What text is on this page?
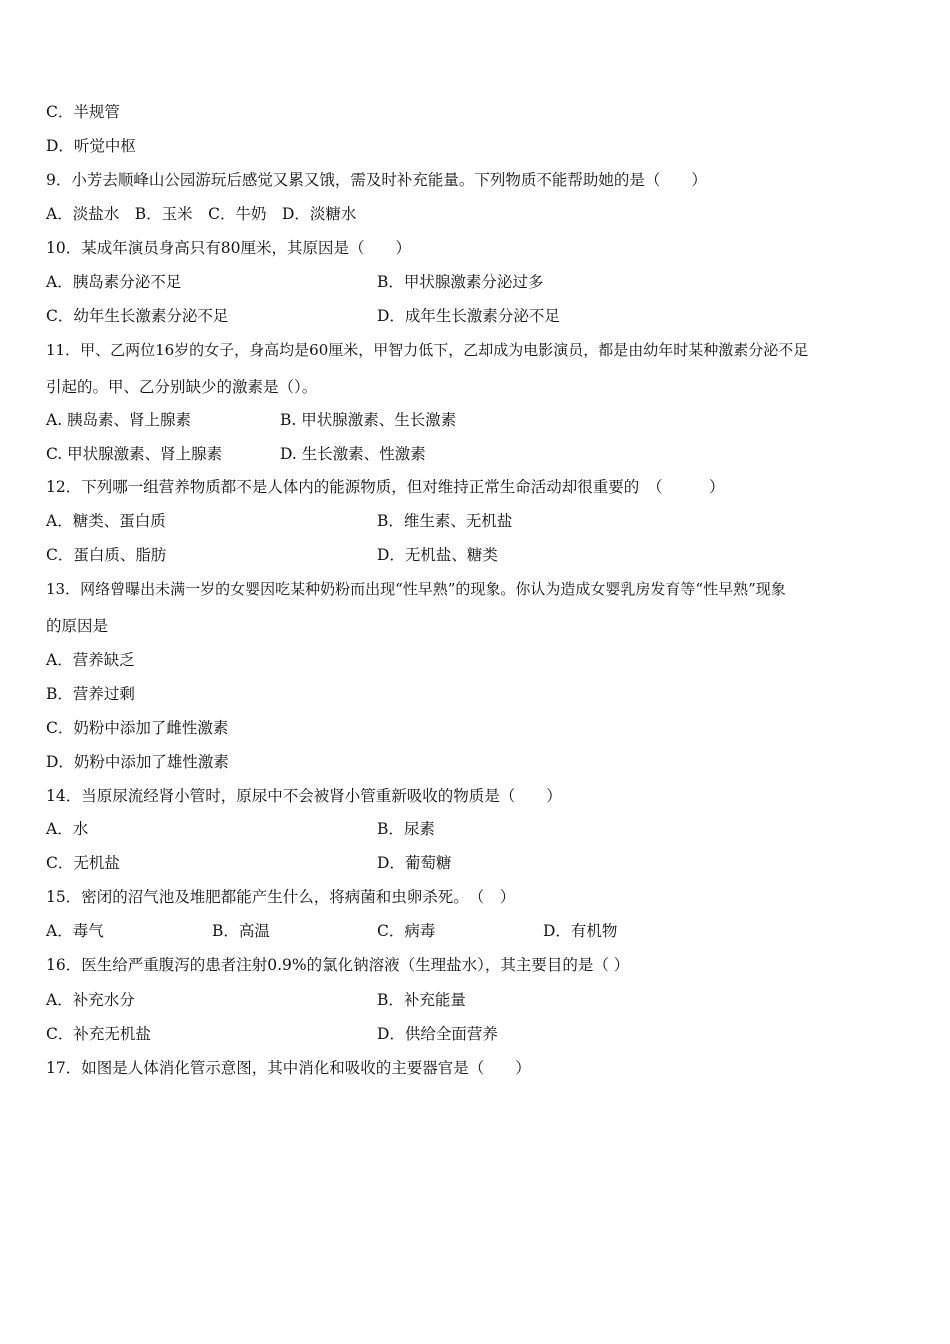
C．半规管
D．听觉中枢
9．小芳去顺峰山公园游玩后感觉又累又饿，需及时补充能量。下列物质不能帮助她的是（　　）
A．淡盐水　B．玉米　C．牛奶　D．淡糖水
10．某成年演员身高只有80厘米，其原因是（　　）
A．胰岛素分泌不足	B．甲状腺激素分泌过多
C．幼年生长激素分泌不足	D．成年生长激素分泌不足
11．甲、乙两位16岁的女子，身高均是60厘米，甲智力低下，乙却成为电影演员，都是由幼年时某种激素分泌不足
引起的。甲、乙分别缺少的激素是（）。
A. 胰岛素、肾上腺素	B. 甲状腺激素、生长激素
C. 甲状腺激素、肾上腺素	D. 生长激素、性激素
12．下列哪一组营养物质都不是人体内的能源物质，但对维持正常生命活动却很重要的　（　　　）
A．糖类、蛋白质	B．维生素、无机盐
C．蛋白质、脂肪	D．无机盐、糖类
13．网络曾曝出未满一岁的女婴因吃某种奶粉而出现“性早熟”的现象。你认为造成女婴乳房发育等“性早熟”现象
的原因是
A．营养缺乏
B．营养过剩
C．奶粉中添加了雌性激素
D．奶粉中添加了雄性激素
14．当原尿流经肾小管时，原尿中不会被肾小管重新吸收的物质是（　　）
A．水	B．尿素
C．无机盐	D．葡萄糖
15．密闭的沼气池及堆肥都能产生什么，将病菌和虫卵杀死。　（　）
A．毒气	B．高温	C．病毒	D．有机物
16．医生给严重腹泻的患者注射0.9%的氯化钠溶液（生理盐水），其主要目的是（ ）
A．补充水分	B．补充能量
C．补充无机盐	D．供给全面营养
17．如图是人体消化管示意图，其中消化和吸收的主要器官是（　　）
